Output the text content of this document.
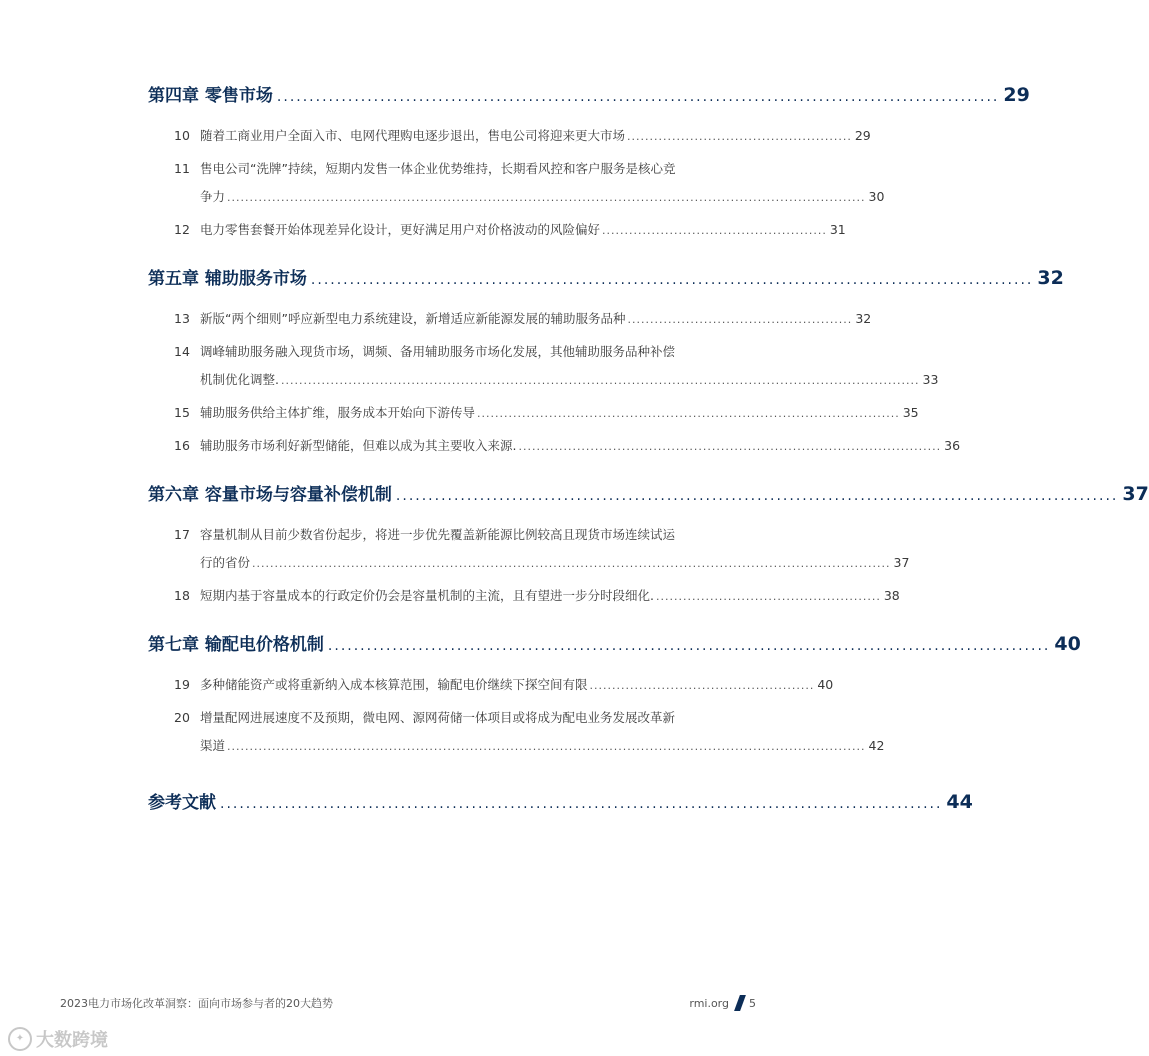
第四章 零售市场 ................................................................................................................ 29
10 随着工商业用户全面入市、电网代理购电逐步退出，售电公司将迎来更大市场 .................................................. 29
11 售电公司“洗牌”持续，短期内发售一体企业优势维持，长期看风控和客户服务是核心竞
争力 .............................................................................................................................................. 30
12 电力零售套餐开始体现差异化设计，更好满足用户对价格波动的风险偏好 .................................................. 31
第五章 辅助服务市场 ................................................................................................................ 32
13 新版“两个细则”呼应新型电力系统建设，新增适应新能源发展的辅助服务品种 .................................................. 32
14 调峰辅助服务融入现货市场，调频、备用辅助服务市场化发展，其他辅助服务品种补偿
机制优化调整. .............................................................................................................................................. 33
15 辅助服务供给主体扩维，服务成本开始向下游传导 .............................................................................................. 35
16 辅助服务市场利好新型储能，但难以成为其主要收入来源. .............................................................................................. 36
第六章 容量市场与容量补偿机制 ................................................................................................................ 37
17 容量机制从目前少数省份起步，将进一步优先覆盖新能源比例较高且现货市场连续试运
行的省份 .............................................................................................................................................. 37
18 短期内基于容量成本的行政定价仍会是容量机制的主流，且有望进一步分时段细化. .................................................. 38
第七章 输配电价格机制 ................................................................................................................ 40
19 多种储能资产或将重新纳入成本核算范围，输配电价继续下探空间有限 .................................................. 40
20 增量配网进展速度不及预期，微电网、源网荷储一体项目或将成为配电业务发展改革新
渠道 .............................................................................................................................................. 42
参考文献 ................................................................................................................ 44
2023电力市场化改革洞察：面向市场参与者的20大趋势	rmi.org 5
✦ 大数跨境
